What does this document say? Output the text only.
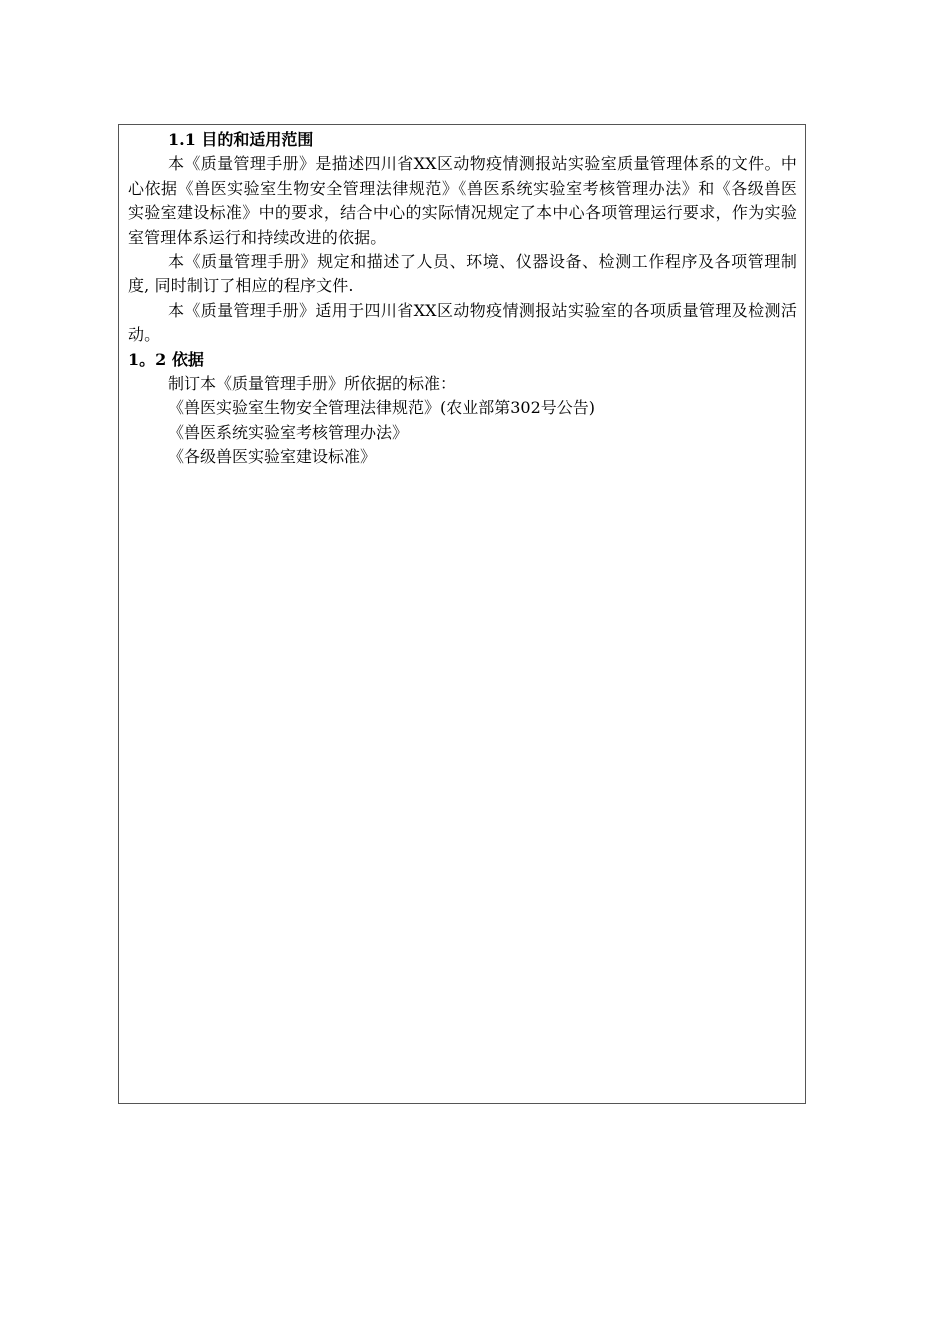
1.1 目的和适用范围

本《质量管理手册》是描述四川省XX区动物疫情测报站实验室质量管理体系的文件。中心依据《兽医实验室生物安全管理法律规范》《兽医系统实验室考核管理办法》和《各级兽医实验室建设标准》中的要求，结合中心的实际情况规定了本中心各项管理运行要求，作为实验室管理体系运行和持续改进的依据。

本《质量管理手册》规定和描述了人员、环境、仪器设备、检测工作程序及各项管理制度, 同时制订了相应的程序文件.

本《质量管理手册》适用于四川省XX区动物疫情测报站实验室的各项质量管理及检测活动。

1。2 依据

制订本《质量管理手册》所依据的标准：

《兽医实验室生物安全管理法律规范》(农业部第302号公告)

《兽医系统实验室考核管理办法》

《各级兽医实验室建设标准》
